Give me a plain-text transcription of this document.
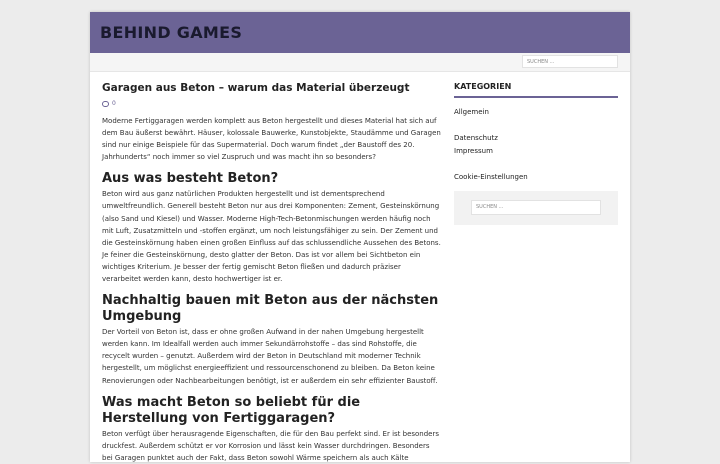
BEHIND GAMES
SUCHEN ...
Garagen aus Beton – warum das Material überzeugt
0

Moderne Fertiggaragen werden komplett aus Beton hergestellt und dieses Material hat sich auf dem Bau äußerst bewährt. Häuser, kolossale Bauwerke, Kunstobjekte, Staudämme und Garagen sind nur einige Beispiele für das Supermaterial. Doch warum findet „der Baustoff des 20. Jahrhunderts“ noch immer so viel Zuspruch und was macht ihn so besonders?

Aus was besteht Beton?

Beton wird aus ganz natürlichen Produkten hergestellt und ist dementsprechend umweltfreundlich. Generell besteht Beton nur aus drei Komponenten: Zement, Gesteinskörnung (also Sand und Kiesel) und Wasser. Moderne High-Tech-Betonmischungen werden häufig noch mit Luft, Zusatzmitteln und -stoffen ergänzt, um noch leistungsfähiger zu sein. Der Zement und die Gesteinskörnung haben einen großen Einfluss auf das schlussendliche Aussehen des Betons. Je feiner die Gesteinskörnung, desto glatter der Beton. Das ist vor allem bei Sichtbeton ein wichtiges Kriterium. Je besser der fertig gemischt Beton fließen und dadurch präziser verarbeitet werden kann, desto hochwertiger ist er.

Nachhaltig bauen mit Beton aus der nächsten Umgebung

Der Vorteil von Beton ist, dass er ohne großen Aufwand in der nahen Umgebung hergestellt werden kann. Im Idealfall werden auch immer Sekundärrohstoffe – das sind Rohstoffe, die recycelt wurden – genutzt. Außerdem wird der Beton in Deutschland mit moderner Technik hergestellt, um möglichst energieeffizient und ressourcenschonend zu bleiben. Da Beton keine Renovierungen oder Nachbearbeitungen benötigt, ist er außerdem ein sehr effizienter Baustoff.

Was macht Beton so beliebt für die Herstellung von Fertiggaragen?

Beton verfügt über herausragende Eigenschaften, die für den Bau perfekt sind. Er ist besonders druckfest. Außerdem schützt er vor Korrosion und lässt kein Wasser durchdringen. Besonders bei Garagen punktet auch der Fakt, dass Beton sowohl Wärme speichern als auch Kälte

KATEGORIEN
Allgemein
Datenschutz
Impressum
Cookie-Einstellungen
SUCHEN ...
